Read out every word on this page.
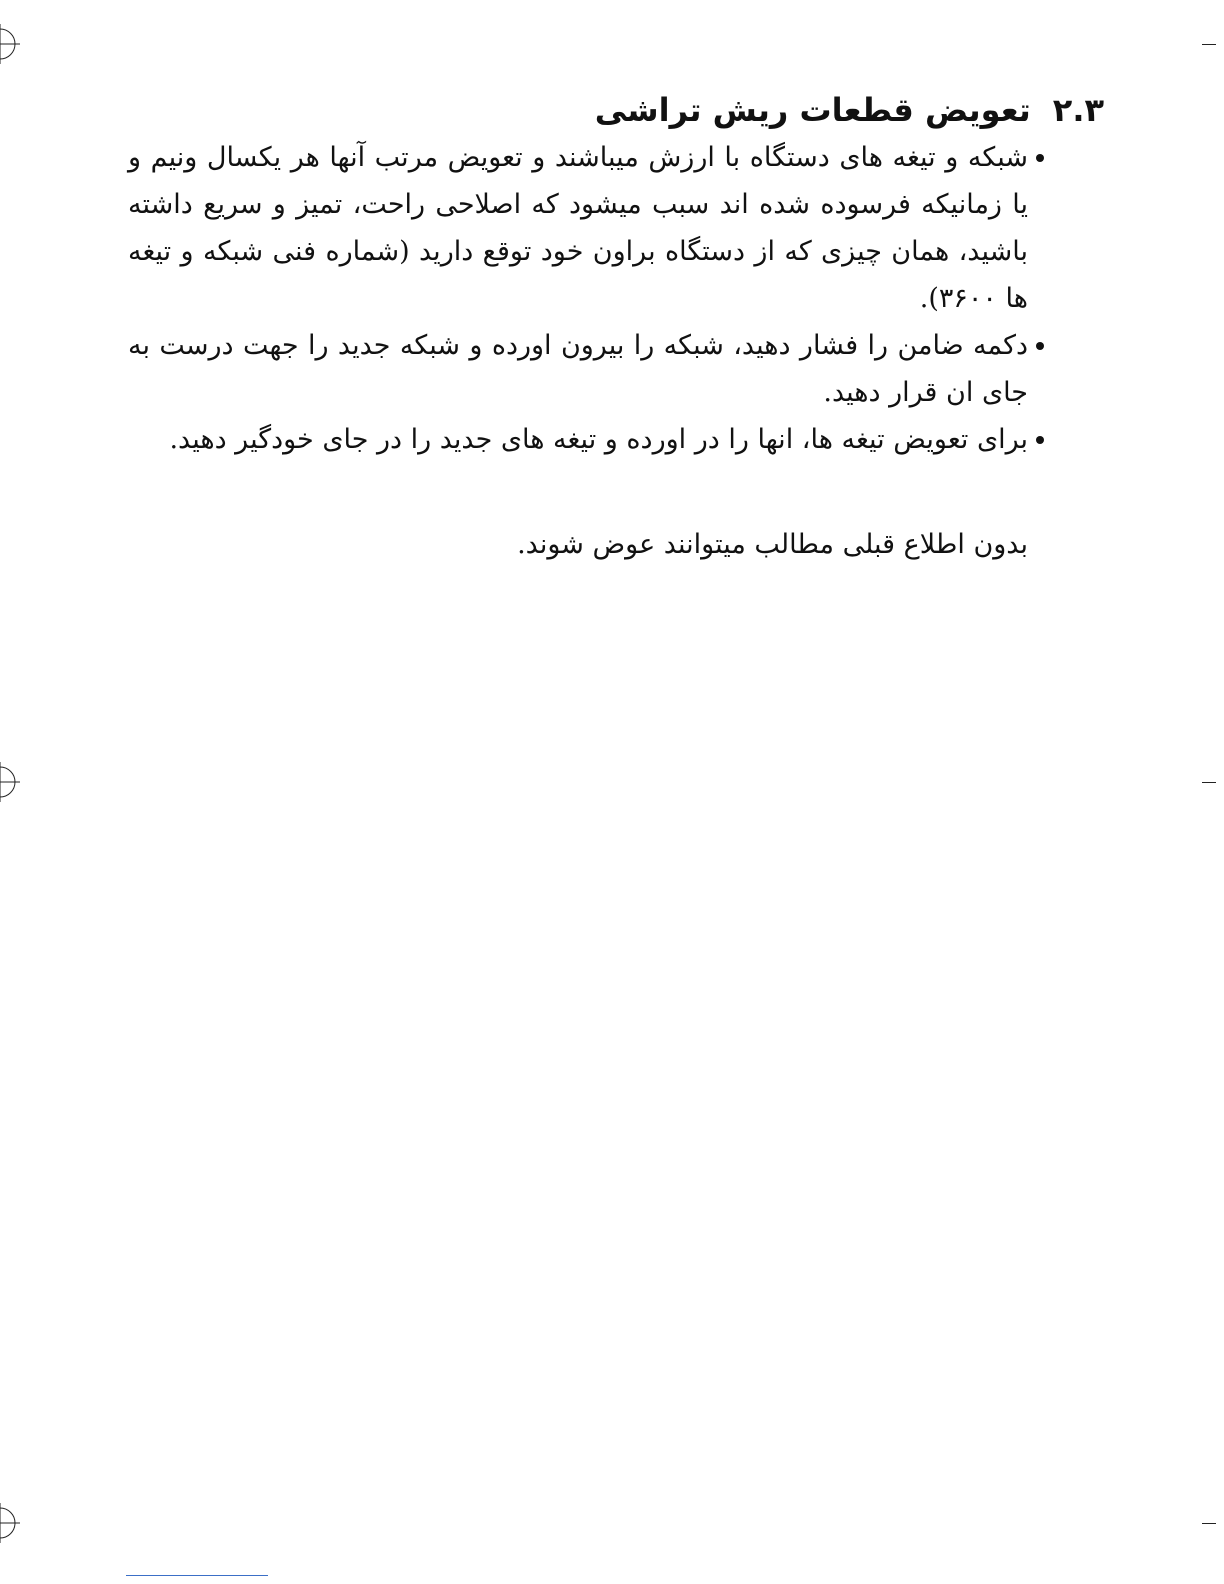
۲.۳
تعویض قطعات ریش تراشی
شبکه و تیغه های دستگاه با ارزش میباشند و تعویض مرتب آنها هر یکسال ونیم و یا زمانیکه فرسوده شده اند سبب میشود که اصلاحی راحت، تمیز و سریع داشته باشید، همان چیزی که از دستگاه براون خود توقع دارید (شماره فنی شبکه و تیغه ها ۳۶۰۰).
دکمه ضامن را فشار دهید، شبکه را بیرون اورده و شبکه جدید را جهت درست به جای ان قرار دهید.
برای تعویض تیغه ها، انها را در اورده و تیغه های جدید را در جای خودگیر دهید.

بدون اطلاع قبلی مطالب میتوانند عوض شوند.
